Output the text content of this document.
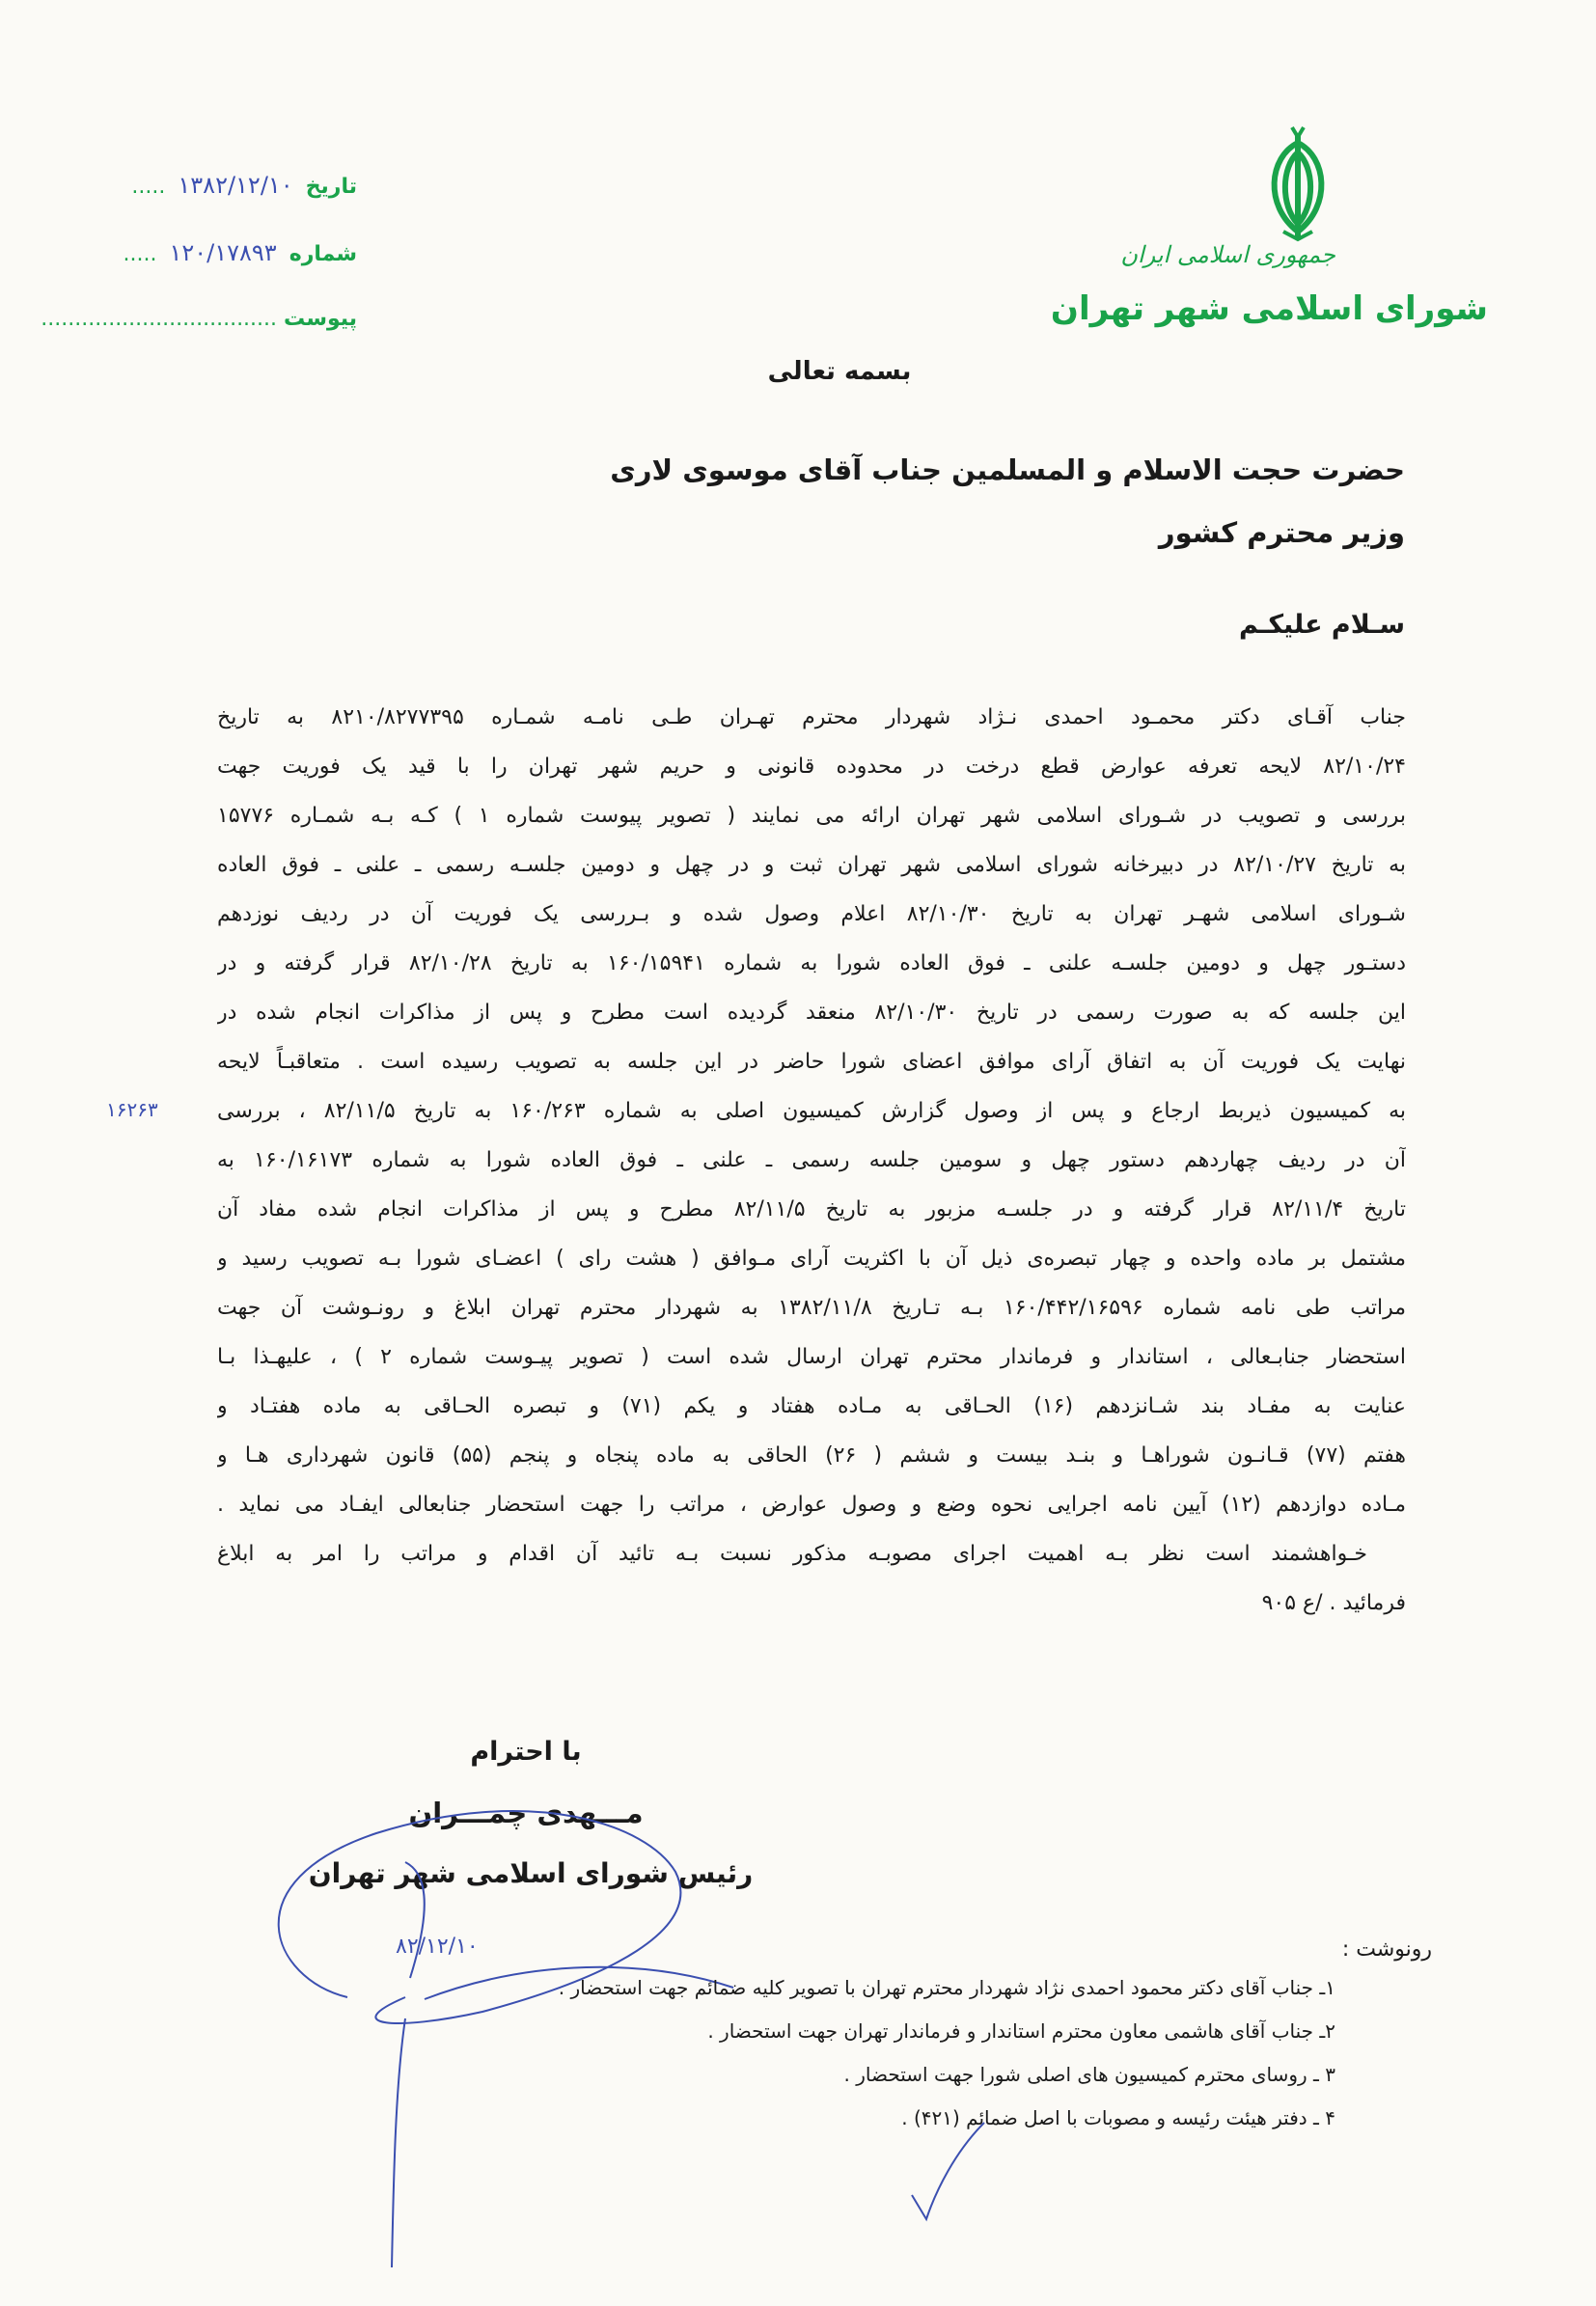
جمهوری اسلامی ایران
شورای اسلامی شهر تهران
تاریخ ۱۳۸۲/۱۲/۱۰ .....
شماره ۱۲۰/۱۷۸۹۳ .....
پیوست ...................................
بسمه تعالی
حضرت حجت الاسلام و المسلمین جناب آقای موسوی لاری
وزیر محترم کشور
سـلام علیکـم
جناب آقـای دکتر محمـود احمدی نـژاد شهردار محترم تهـران طـی نامـه شمـاره ۸۲۱۰/۸۲۷۷۳۹۵ به تاریخ
۸۲/۱۰/۲۴ لایحه تعرفه عوارض قطع درخت در محدوده قانونی و حریم شهر تهران را با قید یک فوریت جهت
بررسی و تصویب در شـورای اسلامی شهر تهران ارائه می نمایند ( تصویر پیوست شماره ۱ ) کـه بـه شمـاره ۱۵۷۷۶
به تاریخ ۸۲/۱۰/۲۷ در دبیرخانه شورای اسلامی شهر تهران ثبت و در چهل و دومین جلسـه رسمی ـ علنی ـ فوق العاده
شـورای اسلامی شهـر تهران به تاریخ ۸۲/۱۰/۳۰ اعلام وصول شده و بـررسی یک فوریت آن در ردیف نوزدهم
دستـور چهل و دومین جلسـه علنی ـ فوق العاده شورا به شماره ۱۶۰/۱۵۹۴۱ به تاریخ ۸۲/۱۰/۲۸ قرار گرفته و در
این جلسه که به صورت رسمی در تاریخ ۸۲/۱۰/۳۰ منعقد گردیده است مطرح و پس از مذاکرات انجام شده در
نهایت یک فوریت آن به اتفاق آرای موافق اعضای شورا حاضر در این جلسه به تصویب رسیده است . متعاقبـاً لایحه
به کمیسیون ذیربط ارجاع و پس از وصول گزارش کمیسیون اصلی به شماره ۱۶۰/۲۶۳ به تاریخ ۸۲/۱۱/۵ ، بررسی
آن در ردیف چهاردهم دستور چهل و سومین جلسه رسمی ـ علنی ـ فوق العاده شورا به شماره ۱۶۰/۱۶۱۷۳ به
تاریخ ۸۲/۱۱/۴ قرار گرفته و در جلسـه مزبور به تاریخ ۸۲/۱۱/۵ مطرح و پس از مذاکرات انجام شده مفاد آن
مشتمل بر ماده واحده و چهار تبصره‌ی ذیل آن با اکثریت آرای مـوافق ( هشت رای ) اعضـای شورا بـه تصویب رسید و
مراتب طی نامه شماره ۱۶۰/۴۴۲/۱۶۵۹۶ بـه تـاریخ ۱۳۸۲/۱۱/۸ به شهردار محترم تهران ابلاغ و رونـوشت آن جهت
استحضار جنابـعالی ، استاندار و فرماندار محترم تهران ارسال شده است ( تصویر پیـوست شماره ۲ ) ، علیهـذا بـا
عنایت به مفـاد بند شـانزدهم (۱۶) الحـاقی به مـاده هفتاد و یکم (۷۱) و تبصره الحـاقی به ماده هفتـاد و
هفتم (۷۷) قـانـون شوراهـا و بنـد بیست و ششم ( ۲۶) الحاقی به ماده پنجاه و پنجم (۵۵) قانون شهرداری هـا و
مـاده دوازدهم (۱۲) آیین نامه اجرایی نحوه وضع و وصول عوارض ، مراتب را جهت استحضار جنابعالی ایفـاد می نماید .
خـواهشمند است نظر بـه اهمیت اجرای مصوبـه مذکور نسبت بـه تائید آن اقدام و مراتب را امر به ابلاغ
فرمائید . /ع ۹۰۵
۱۶۲۶۳
با احترام
مـــهدی چمـــران
رئیس شورای اسلامی شهر تهران
۸۲/۱۲/۱۰	رونوشت :
۱ـ جناب آقای دکتر محمود احمدی نژاد شهردار محترم تهران با تصویر کلیه ضمائم جهت استحضار .
۲ـ جناب آقای هاشمی معاون محترم استاندار و فرماندار تهران جهت استحضار .
۳ ـ روسای محترم کمیسیون های اصلی شورا جهت استحضار .
۴ ـ دفتر هیئت رئیسه و مصوبات با اصل ضمائم (۴۲۱) .
